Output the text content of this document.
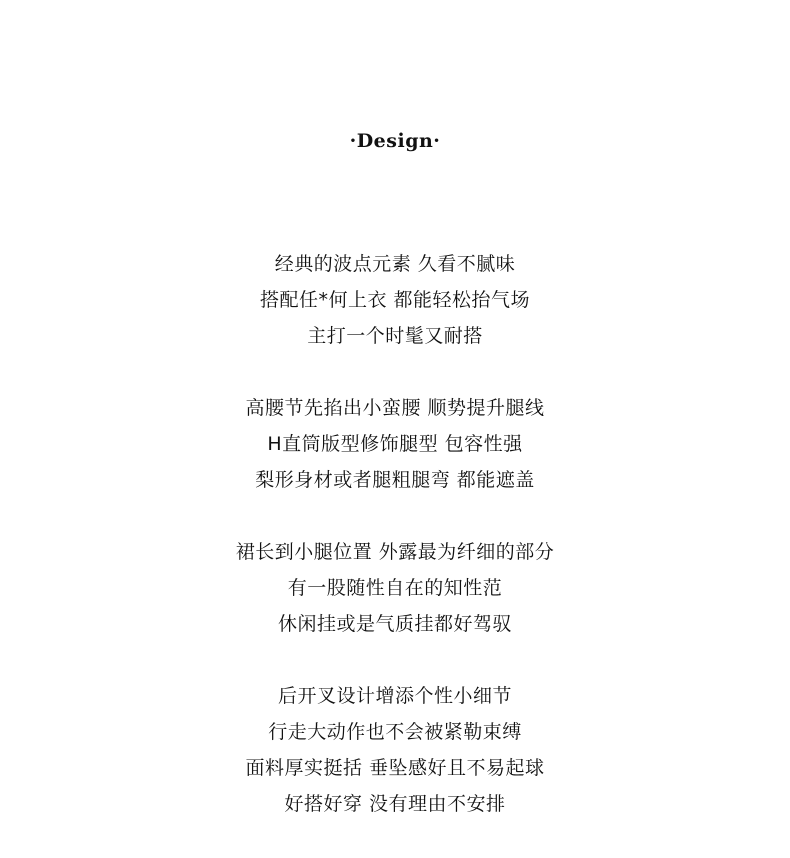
·Design·
经典的波点元素 久看不腻味
搭配任*何上衣 都能轻松抬气场
主打一个时髦又耐搭
高腰节先掐出小蛮腰 顺势提升腿线
H直筒版型修饰腿型 包容性强
梨形身材或者腿粗腿弯 都能遮盖
裙长到小腿位置 外露最为纤细的部分
有一股随性自在的知性范
休闲挂或是气质挂都好驾驭
后开叉设计增添个性小细节
行走大动作也不会被紧勒束缚
面料厚实挺括 垂坠感好且不易起球
好搭好穿 没有理由不安排
